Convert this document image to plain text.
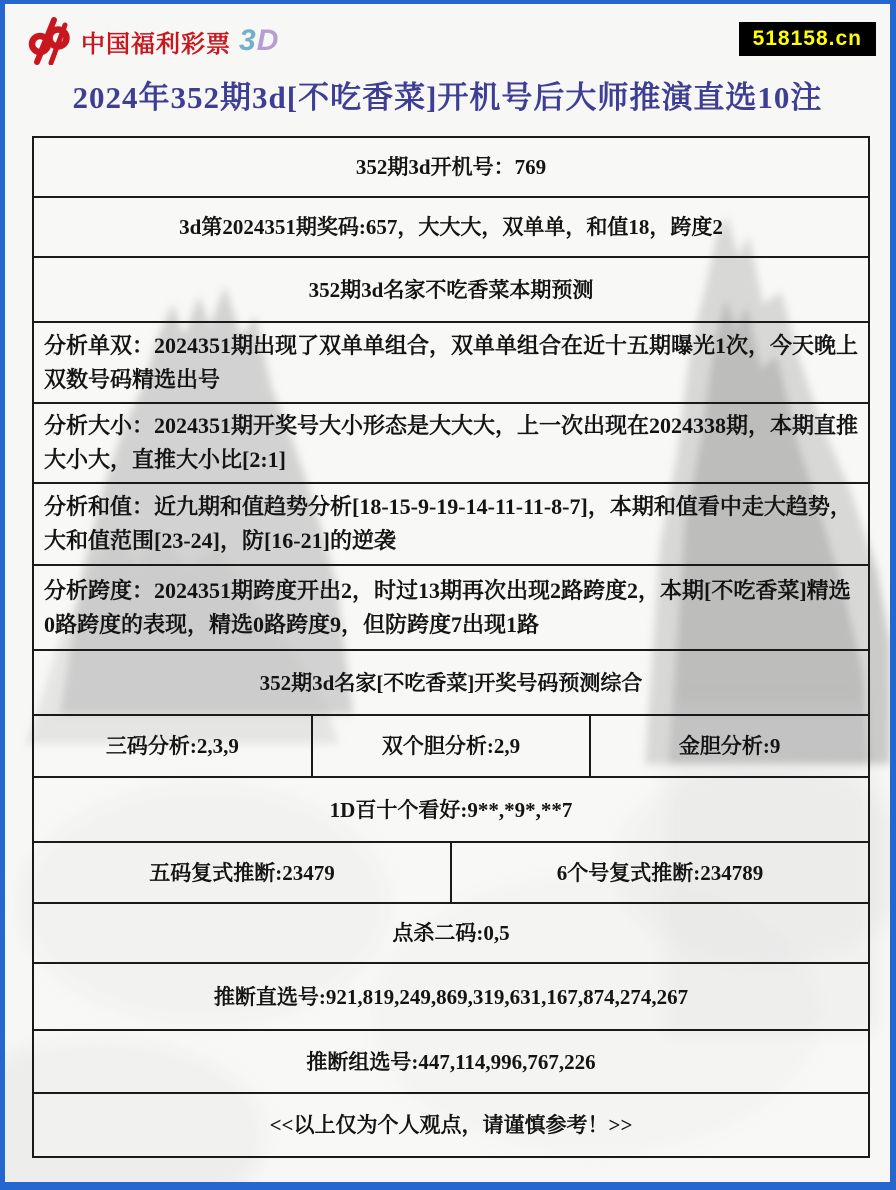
中国福利彩票 3D	518158.cn
2024年352期3d[不吃香菜]开机号后大师推演直选10注
352期3d开机号：769
3d第2024351期奖码:657，大大大，双单单，和值18，跨度2
352期3d名家不吃香菜本期预测
分析单双：2024351期出现了双单单组合，双单单组合在近十五期曝光1次，今天晚上双数号码精选出号
分析大小：2024351期开奖号大小形态是大大大，上一次出现在2024338期，本期直推大小大，直推大小比[2:1]
分析和值：近九期和值趋势分析[18-15-9-19-14-11-11-8-7]，本期和值看中走大趋势，大和值范围[23-24]，防[16-21]的逆袭
分析跨度：2024351期跨度开出2，时过13期再次出现2路跨度2，本期[不吃香菜]精选0路跨度的表现，精选0路跨度9，但防跨度7出现1路
352期3d名家[不吃香菜]开奖号码预测综合
三码分析:2,3,9	双个胆分析:2,9	金胆分析:9
1D百十个看好:9**,*9*,**7
五码复式推断:23479	6个号复式推断:234789
点杀二码:0,5
推断直选号:921,819,249,869,319,631,167,874,274,267
推断组选号:447,114,996,767,226
<<以上仅为个人观点，请谨慎参考！>>
